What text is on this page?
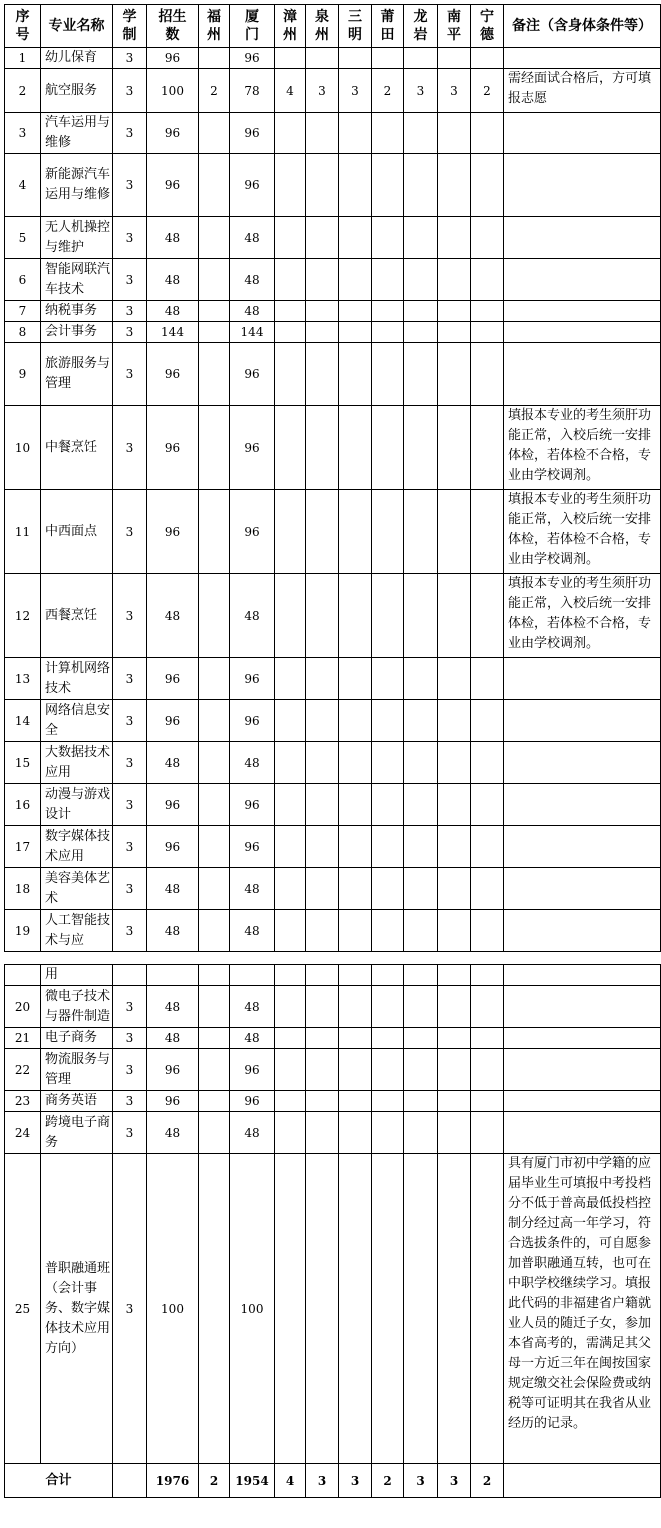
序号	专业名称	学制	招生数	福州	厦门	漳州	泉州	三明	莆田	龙岩	南平	宁德	备注（含身体条件等）
1	幼儿保育	3	96		96								
2	航空服务	3	100	2	78	4	3	3	2	3	3	2	需经面试合格后，方可填报志愿
3	汽车运用与维修	3	96		96								
4	新能源汽车运用与维修	3	96		96								
5	无人机操控与维护	3	48		48								
6	智能网联汽车技术	3	48		48								
7	纳税事务	3	48		48								
8	会计事务	3	144		144								
9	旅游服务与管理	3	96		96								
10	中餐烹饪	3	96		96								填报本专业的考生须肝功能正常，入校后统一安排体检，若体检不合格，专业由学校调剂。
11	中西面点	3	96		96								填报本专业的考生须肝功能正常，入校后统一安排体检，若体检不合格，专业由学校调剂。
12	西餐烹饪	3	48		48								填报本专业的考生须肝功能正常，入校后统一安排体检，若体检不合格，专业由学校调剂。
13	计算机网络技术	3	96		96								
14	网络信息安全	3	96		96								
15	大数据技术应用	3	48		48								
16	动漫与游戏设计	3	96		96								
17	数字媒体技术应用	3	96		96								
18	美容美体艺术	3	48		48								
19	人工智能技术与应	3	48		48								
	用												
20	微电子技术与器件制造	3	48		48								
21	电子商务	3	48		48								
22	物流服务与管理	3	96		96								
23	商务英语	3	96		96								
24	跨境电子商务	3	48		48								
25	普职融通班（会计事务、数字媒体技术应用方向）	3	100		100								具有厦门市初中学籍的应届毕业生可填报中考投档分不低于普高最低投档控制分经过高一年学习，符合选拔条件的，可自愿参加普职融通互转，也可在中职学校继续学习。填报此代码的非福建省户籍就业人员的随迁子女，参加本省高考的，需满足其父母一方近三年在闽按国家规定缴交社会保险费或纳税等可证明其在我省从业经历的记录。
合计			1976	2	1954	4	3	3	2	3	3	2	
